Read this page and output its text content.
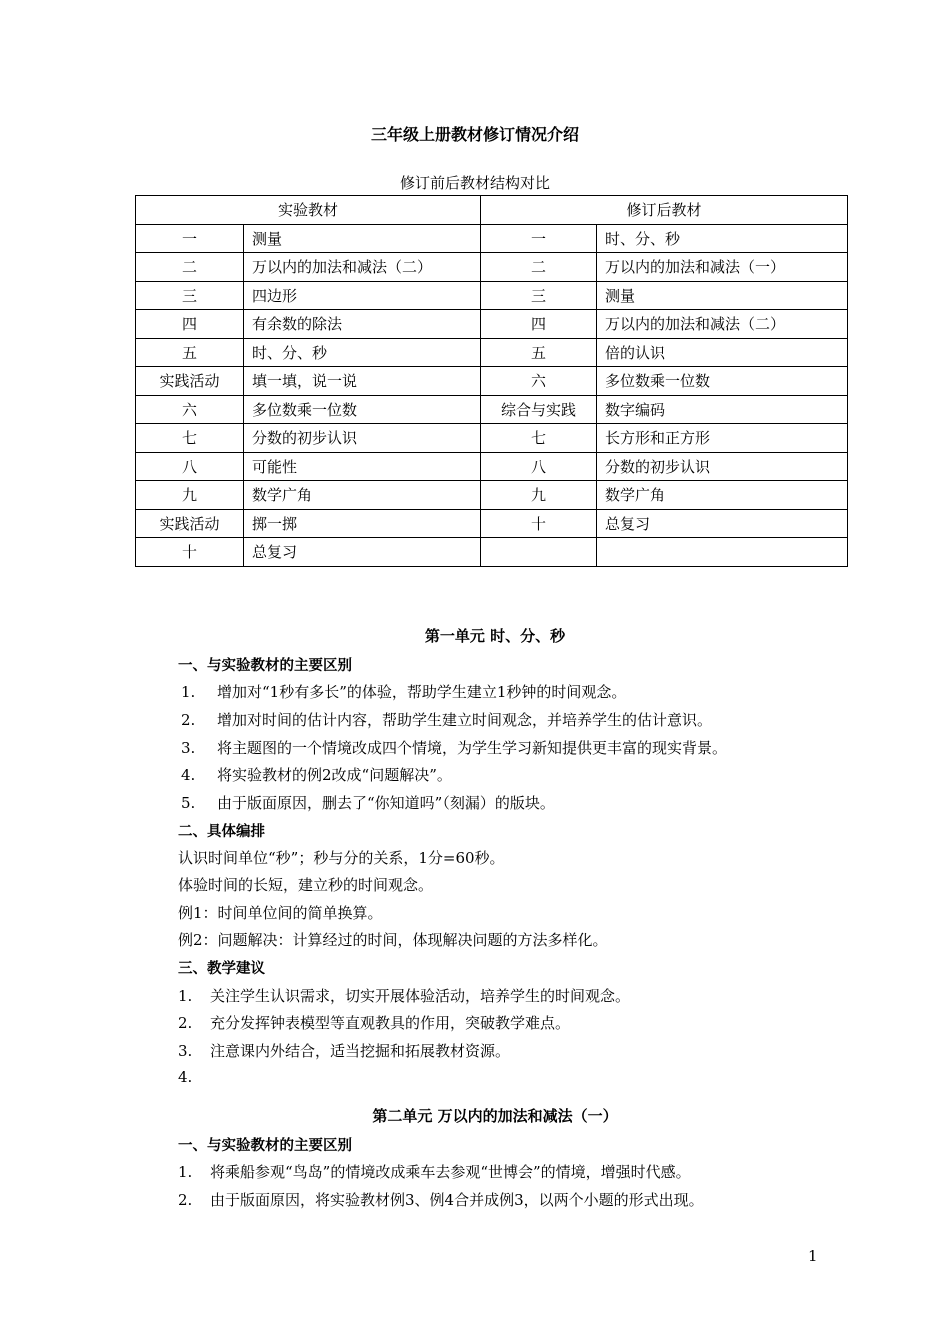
三年级上册教材修订情况介绍
修订前后教材结构对比
实验教材		修订后教材	
一	测量	一	时、分、秒
二	万以内的加法和减法（二）	二	万以内的加法和减法（一）
三	四边形	三	测量
四	有余数的除法	四	万以内的加法和减法（二）
五	时、分、秒	五	倍的认识
实践活动	填一填，说一说	六	多位数乘一位数
六	多位数乘一位数	综合与实践	数字编码
七	分数的初步认识	七	长方形和正方形
八	可能性	八	分数的初步认识
九	数学广角	九	数学广角
实践活动	掷一掷	十	总复习
十	总复习		
第一单元 时、分、秒
一、与实验教材的主要区别
1. 增加对“1秒有多长”的体验，帮助学生建立1秒钟的时间观念。
2. 增加对时间的估计内容，帮助学生建立时间观念，并培养学生的估计意识。
3. 将主题图的一个情境改成四个情境，为学生学习新知提供更丰富的现实背景。
4. 将实验教材的例2改成“问题解决”。
5. 由于版面原因，删去了“你知道吗”（刻漏）的版块。
二、具体编排
认识时间单位“秒”；秒与分的关系，1分=60秒。
体验时间的长短，建立秒的时间观念。
例1：时间单位间的简单换算。
例2：问题解决：计算经过的时间，体现解决问题的方法多样化。
三、教学建议
1. 关注学生认识需求，切实开展体验活动，培养学生的时间观念。
2. 充分发挥钟表模型等直观教具的作用，突破教学难点。
3. 注意课内外结合，适当挖掘和拓展教材资源。
4.
第二单元 万以内的加法和减法（一）
一、与实验教材的主要区别
1. 将乘船参观“鸟岛”的情境改成乘车去参观“世博会”的情境，增强时代感。
2. 由于版面原因，将实验教材例3、例4合并成例3，以两个小题的形式出现。
1
